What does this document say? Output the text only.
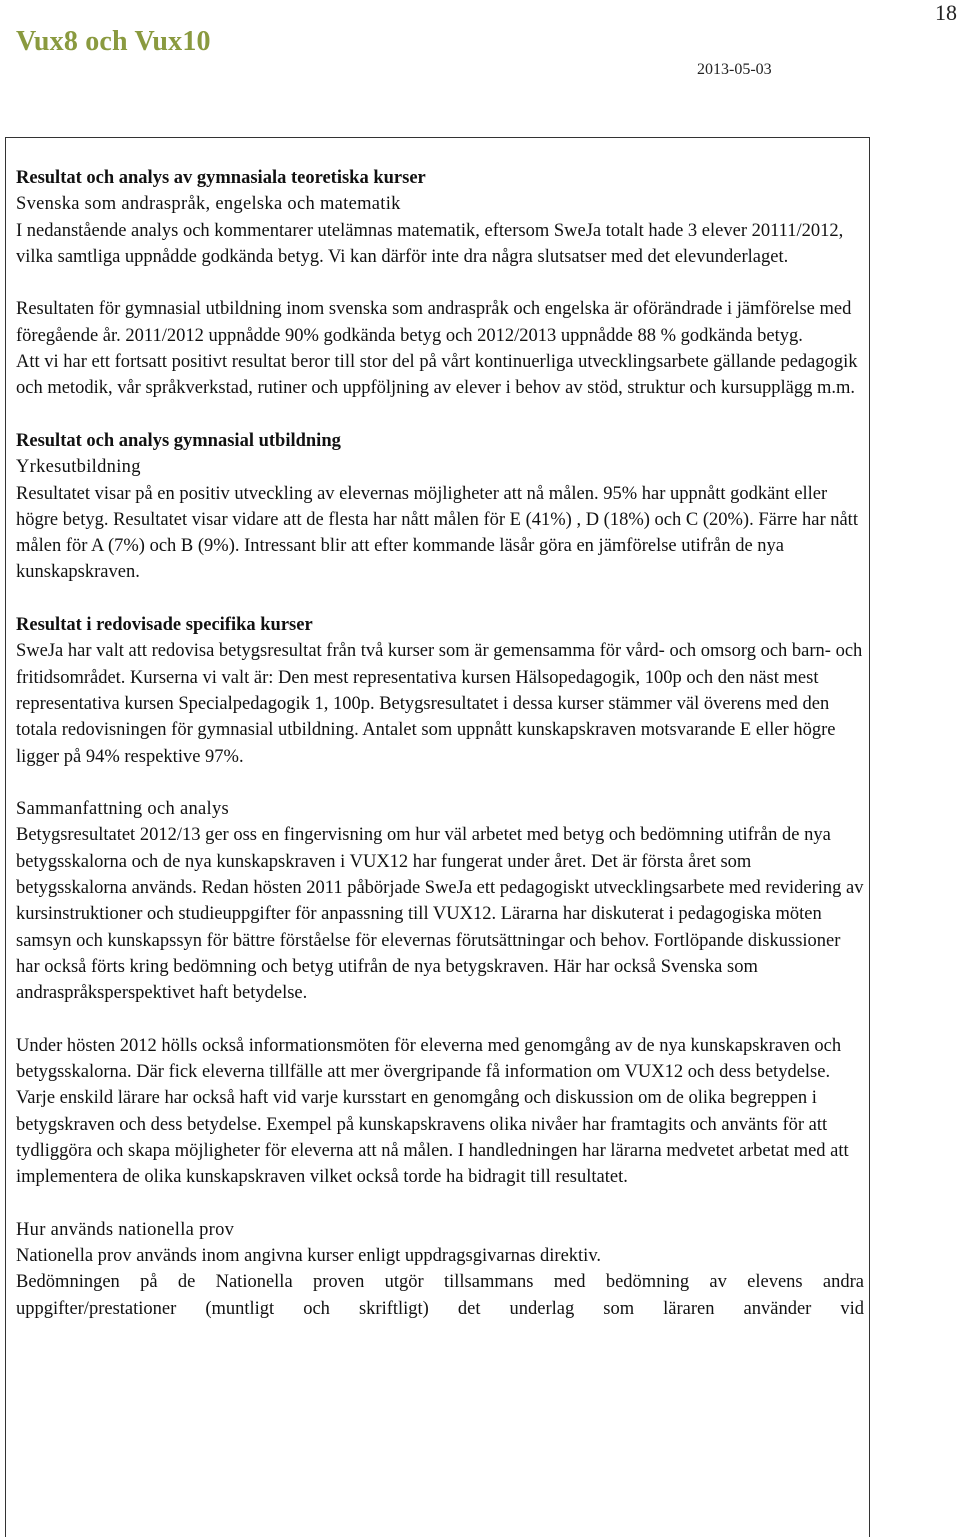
Vux8 och Vux10
2013-05-03
18

Resultat och analys av gymnasiala teoretiska kurser

Svenska som andraspråk, engelska och matematik

I nedanstående analys och kommentarer utelämnas matematik, eftersom SweJa totalt hade 3 elever 20111/2012, vilka samtliga uppnådde godkända betyg. Vi kan därför inte dra några slutsatser med det elevunderlaget.

Resultaten för gymnasial utbildning inom svenska som andraspråk och engelska är oförändrade i jämförelse med föregående år. 2011/2012 uppnådde 90% godkända betyg och 2012/2013 uppnådde 88 % godkända betyg.

Att vi har ett fortsatt positivt resultat beror till stor del på vårt kontinuerliga utvecklingsarbete gällande pedagogik och metodik, vår språkverkstad, rutiner och uppföljning av elever i behov av stöd, struktur och kursupplägg m.m.

Resultat och analys gymnasial utbildning

Yrkesutbildning

Resultatet visar på en positiv utveckling av elevernas möjligheter att nå målen. 95% har uppnått godkänt eller högre betyg. Resultatet visar vidare att de flesta har nått målen för E (41%) , D (18%) och C (20%). Färre har nått målen för A (7%) och B (9%). Intressant blir att efter kommande läsår göra en jämförelse utifrån de nya kunskapskraven.

Resultat i redovisade specifika kurser

SweJa har valt att redovisa betygsresultat från två kurser som är gemensamma för vård- och omsorg och barn- och fritidsområdet. Kurserna vi valt är: Den mest representativa kursen Hälsopedagogik, 100p och den näst mest representativa kursen Specialpedagogik 1, 100p. Betygsresultatet i dessa kurser stämmer väl överens med den totala redovisningen för gymnasial utbildning. Antalet som uppnått kunskapskraven motsvarande E eller högre ligger på 94% respektive 97%.

Sammanfattning och analys

Betygsresultatet 2012/13 ger oss en fingervisning om hur väl arbetet med betyg och bedömning utifrån de nya betygsskalorna och de nya kunskapskraven i VUX12 har fungerat under året. Det är första året som betygsskalorna används. Redan hösten 2011 påbörjade SweJa ett pedagogiskt utvecklingsarbete med revidering av kursinstruktioner och studieuppgifter för anpassning till VUX12. Lärarna har diskuterat i pedagogiska möten samsyn och kunskapssyn för bättre förståelse för elevernas förutsättningar och behov. Fortlöpande diskussioner har också förts kring bedömning och betyg utifrån de nya betygskraven. Här har också Svenska som andraspråksperspektivet haft betydelse.

Under hösten 2012 hölls också informationsmöten för eleverna med genomgång av de nya kunskapskraven och betygsskalorna. Där fick eleverna tillfälle att mer övergripande få information om VUX12 och dess betydelse. Varje enskild lärare har också haft vid varje kursstart en genomgång och diskussion om de olika begreppen i betygskraven och dess betydelse. Exempel på kunskapskravens olika nivåer har framtagits och använts för att tydliggöra och skapa möjligheter för eleverna att nå målen. I handledningen har lärarna medvetet arbetat med att implementera de olika kunskapskraven vilket också torde ha bidragit till resultatet.

Hur används nationella prov

Nationella prov används inom angivna kurser enligt uppdragsgivarnas direktiv.

Bedömningen på de Nationella proven utgör tillsammans med bedömning av elevens andra

uppgifter/prestationer (muntligt och skriftligt) det underlag som läraren använder vid
